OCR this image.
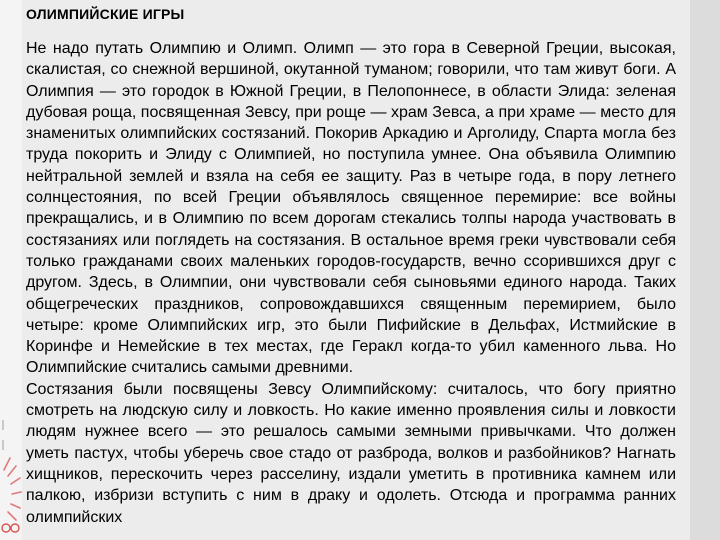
ОЛИМПИЙСКИЕ ИГРЫ

Не надо путать Олимпию и Олимп. Олимп — это гора в Северной Греции, высокая, скалистая, со снежной вершиной, окутанной туманом; говорили, что там живут боги. А Олимпия — это городок в Южной Греции, в Пелопоннесе, в области Элида: зеленая дубовая роща, посвященная Зевсу, при роще — храм Зевса, а при храме — место для знаменитых олимпийских состязаний. Покорив Аркадию и Арголиду, Спарта могла без труда покорить и Элиду с Олимпией, но поступила умнее. Она объявила Олимпию нейтральной землей и взяла на себя ее защиту. Раз в четыре года, в пору летнего солнцестояния, по всей Греции объявлялось священное перемирие: все войны прекращались, и в Олимпию по всем дорогам стекались толпы народа участвовать в состязаниях или поглядеть на состязания. В остальное время греки чувствовали себя только гражданами своих маленьких городов-государств, вечно ссорившихся друг с другом. Здесь, в Олимпии, они чувствовали себя сыновьями единого народа. Таких общегреческих праздников, сопровождавшихся священным перемирием, было четыре: кроме Олимпийских игр, это были Пифийские в Дельфах, Истмийские в Коринфе и Немейские в тех местах, где Геракл когда-то убил каменного льва. Но Олимпийские считались самыми древними.

Состязания были посвящены Зевсу Олимпийскому: считалось, что богу приятно смотреть на людскую силу и ловкость. Но какие именно проявления силы и ловкости людям нужнее всего — это решалось самыми земными привычками. Что должен уметь пастух, чтобы уберечь свое стадо от разброда, волков и разбойников? Нагнать хищников, перескочить через расселину, издали уметить в противника камнем или палкою, избризи вступить с ним в драку и одолеть. Отсюда и программа ранних олимпийских
